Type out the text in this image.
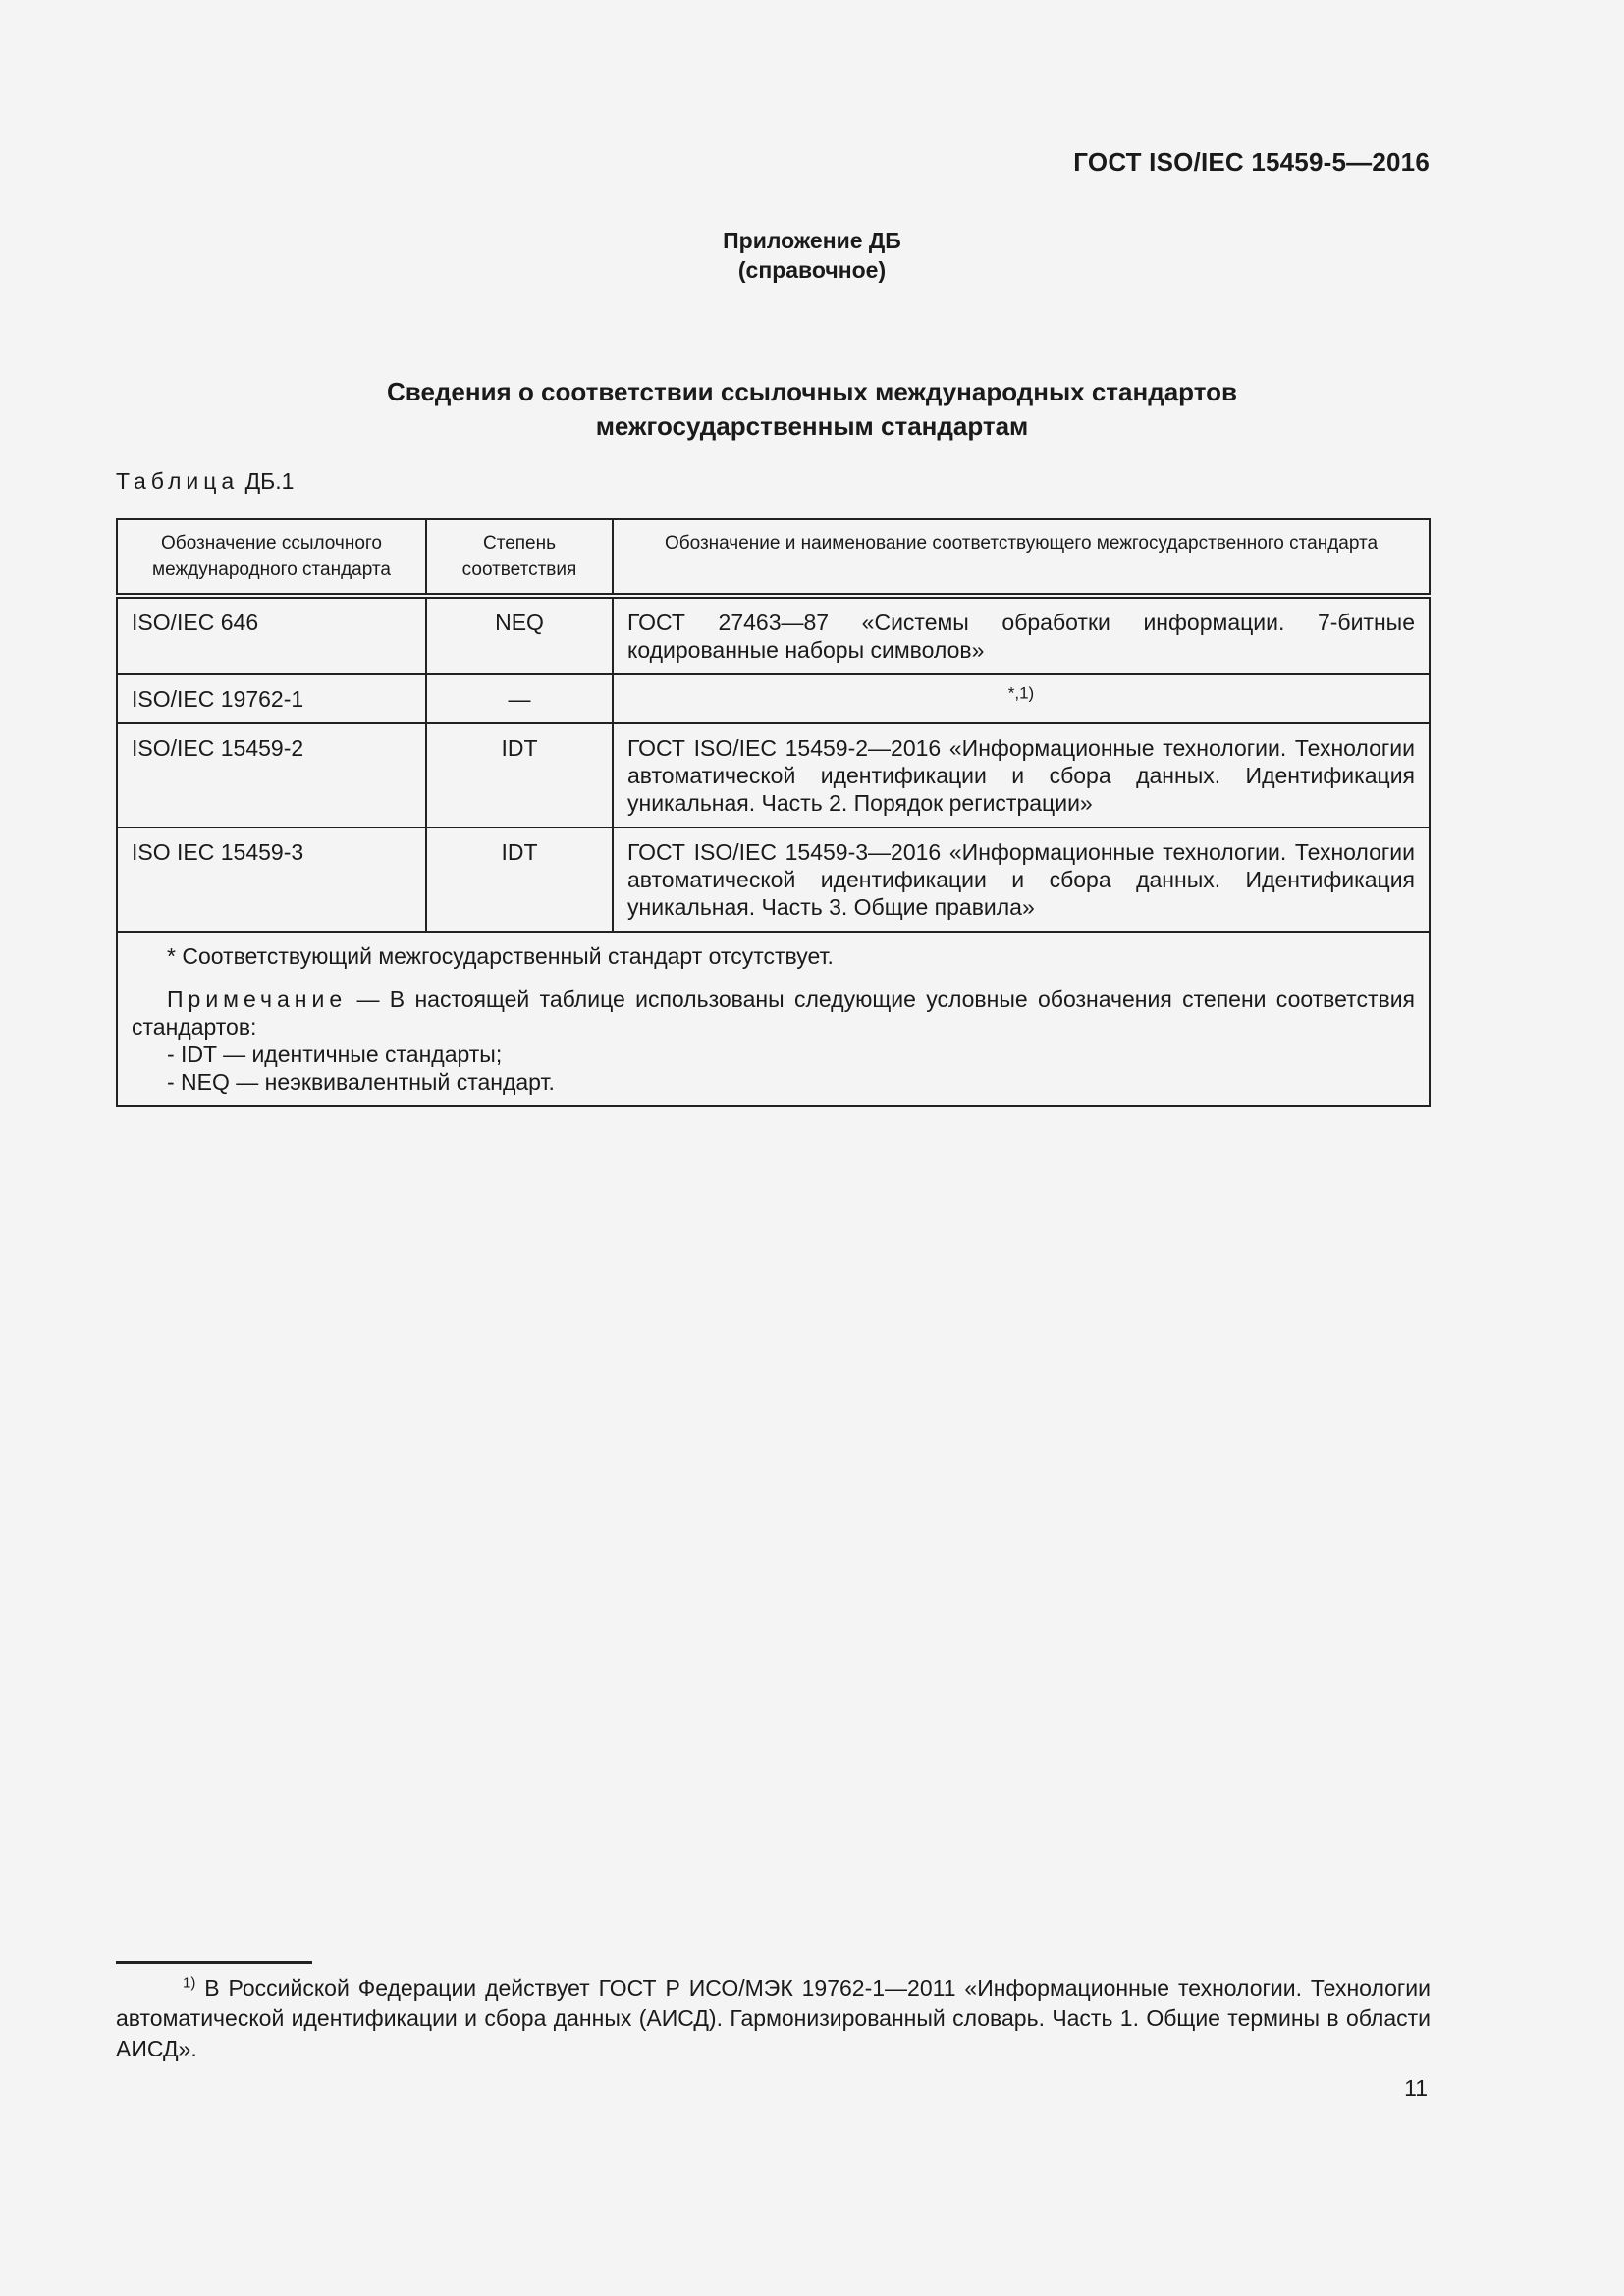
ГОСТ ISO/IEC 15459-5—2016
Приложение ДБ
(справочное)
Сведения о соответствии ссылочных международных стандартов
межгосударственным стандартам
Таблица ДБ.1
Обозначение ссылочного международного стандарта	Степень соответствия	Обозначение и наименование соответствующего межгосударственного стандарта
ISO/IEC 646	NEQ	ГОСТ 27463—87 «Системы обработки информации. 7-битные кодированные наборы символов»
ISO/IEC 19762-1	—	$^{*,1)}$
ISO/IEC 15459-2	IDT	ГОСТ ISO/IEC 15459-2—2016 «Информационные технологии. Технологии автоматической идентификации и сбора данных. Идентификация уникальная. Часть 2. Порядок регистрации»
ISO IEC 15459-3	IDT	ГОСТ ISO/IEC 15459-3—2016 «Информационные технологии. Технологии автоматической идентификации и сбора данных. Идентификация уникальная. Часть 3. Общие правила»

* Соответствующий межгосударственный стандарт отсутствует.
Примечание — В настоящей таблице использованы следующие условные обозначения степени соответствия стандартов:
- IDT — идентичные стандарты;
- NEQ — неэквивалентный стандарт.		
$^{1)}$ В Российской Федерации действует ГОСТ Р ИСО/МЭК 19762-1—2011 «Информационные технологии. Технологии автоматической идентификации и сбора данных (АИСД). Гармонизированный словарь. Часть 1. Общие термины в области АИСД».
11
